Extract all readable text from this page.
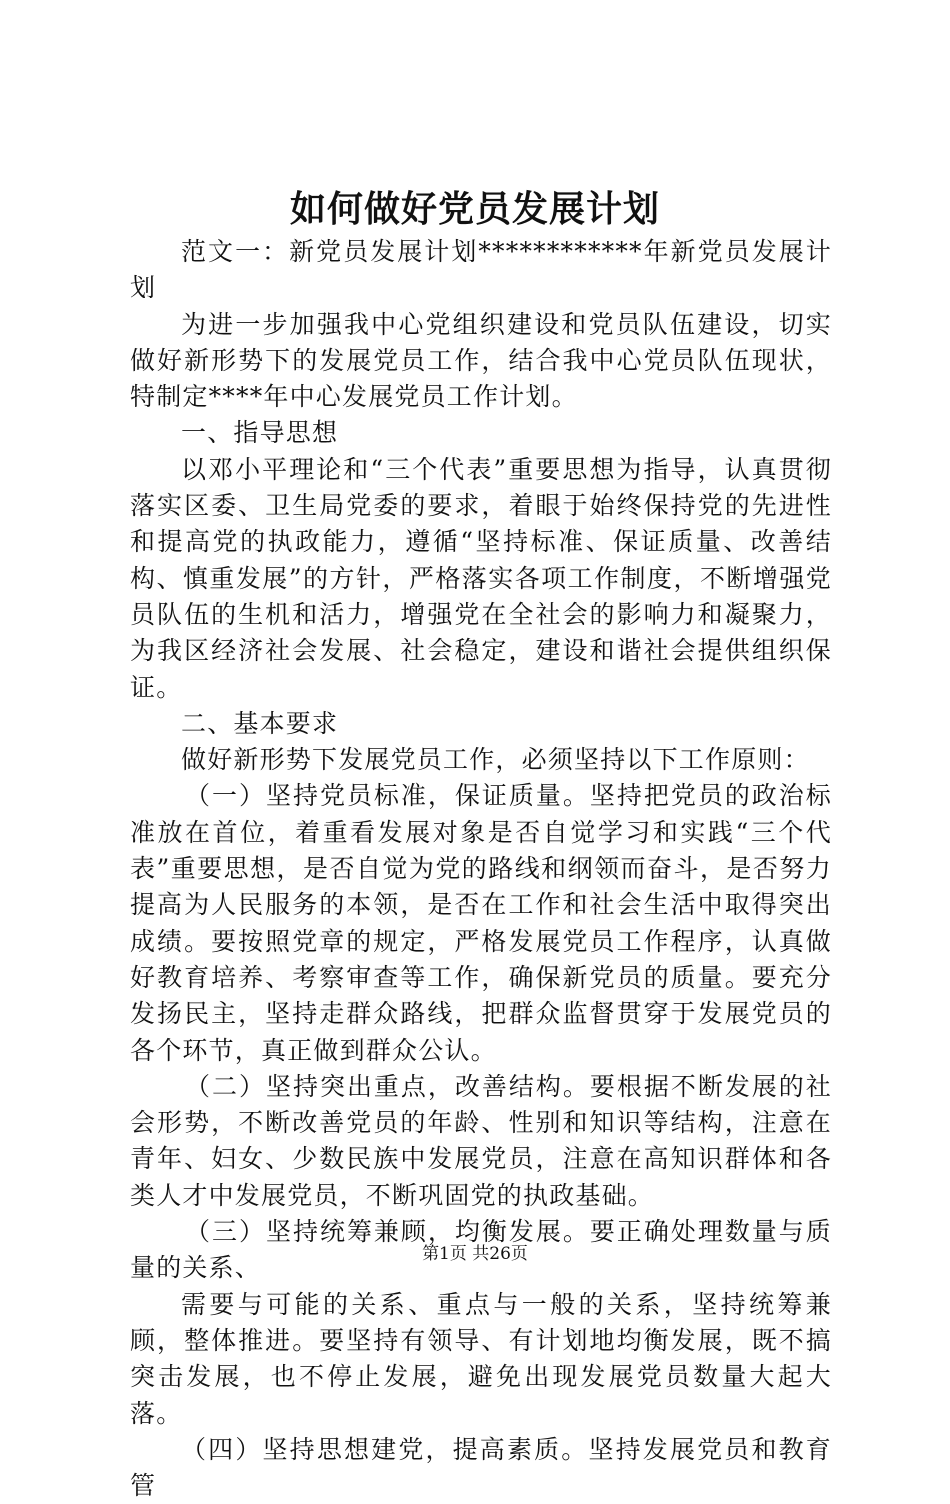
如何做好党员发展计划

范文一：新党员发展计划************年新党员发展计划

为进一步加强我中心党组织建设和党员队伍建设，切实做好新形势下的发展党员工作，结合我中心党员队伍现状，特制定****年中心发展党员工作计划。

一、指导思想

以邓小平理论和“三个代表”重要思想为指导，认真贯彻落实区委、卫生局党委的要求，着眼于始终保持党的先进性和提高党的执政能力，遵循“坚持标准、保证质量、改善结构、慎重发展”的方针，严格落实各项工作制度，不断增强党员队伍的生机和活力，增强党在全社会的影响力和凝聚力，为我区经济社会发展、社会稳定，建设和谐社会提供组织保证。

二、基本要求

做好新形势下发展党员工作，必须坚持以下工作原则：

（一）坚持党员标准，保证质量。坚持把党员的政治标准放在首位，着重看发展对象是否自觉学习和实践“三个代表”重要思想，是否自觉为党的路线和纲领而奋斗，是否努力提高为人民服务的本领，是否在工作和社会生活中取得突出成绩。要按照党章的规定，严格发展党员工作程序，认真做好教育培养、考察审查等工作，确保新党员的质量。要充分发扬民主，坚持走群众路线，把群众监督贯穿于发展党员的各个环节，真正做到群众公认。

（二）坚持突出重点，改善结构。要根据不断发展的社会形势，不断改善党员的年龄、性别和知识等结构，注意在青年、妇女、少数民族中发展党员，注意在高知识群体和各类人才中发展党员，不断巩固党的执政基础。

（三）坚持统筹兼顾，均衡发展。要正确处理数量与质量的关系、

需要与可能的关系、重点与一般的关系，坚持统筹兼顾，整体推进。要坚持有领导、有计划地均衡发展，既不搞突击发展，也不停止发展，避免出现发展党员数量大起大落。

（四）坚持思想建党，提高素质。坚持发展党员和教育管

第1页 共26页
